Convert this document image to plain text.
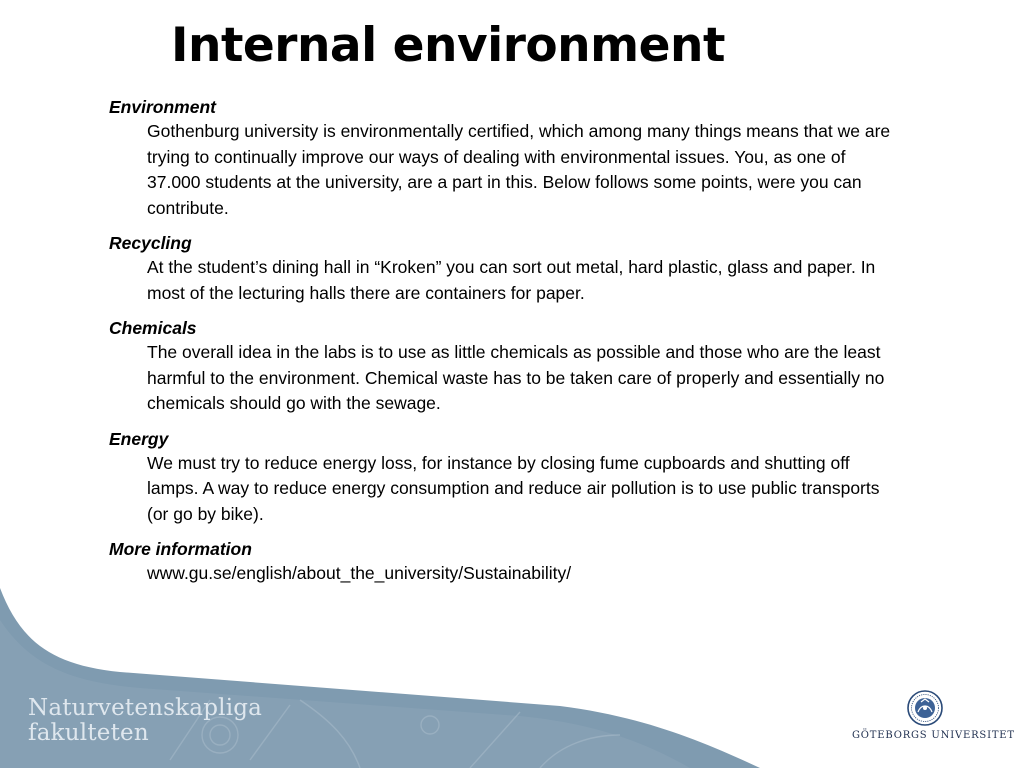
Internal environment
Environment
Gothenburg university is environmentally certified, which among many things means that we are trying to continually improve our ways of dealing with environmental issues. You, as one of 37.000 students at the university, are a part in this. Below follows some points, were you can contribute.
Recycling
At the student’s dining hall in “Kroken” you can sort out metal, hard plastic, glass and paper. In most of the lecturing halls there are containers for paper.
Chemicals
The overall idea in the labs is to use as little chemicals as possible and those who are the least harmful to the environment. Chemical waste has to be taken care of properly and essentially no chemicals should go with the sewage.
Energy
We must try to reduce energy loss, for instance by closing fume cupboards and shutting off lamps. A way to reduce energy consumption and reduce air pollution is to use public transports (or go by bike).
More information
www.gu.se/english/about_the_university/Sustainability/
Naturvetenskapliga
fakulteten	GÖTEBORGS UNIVERSITET
